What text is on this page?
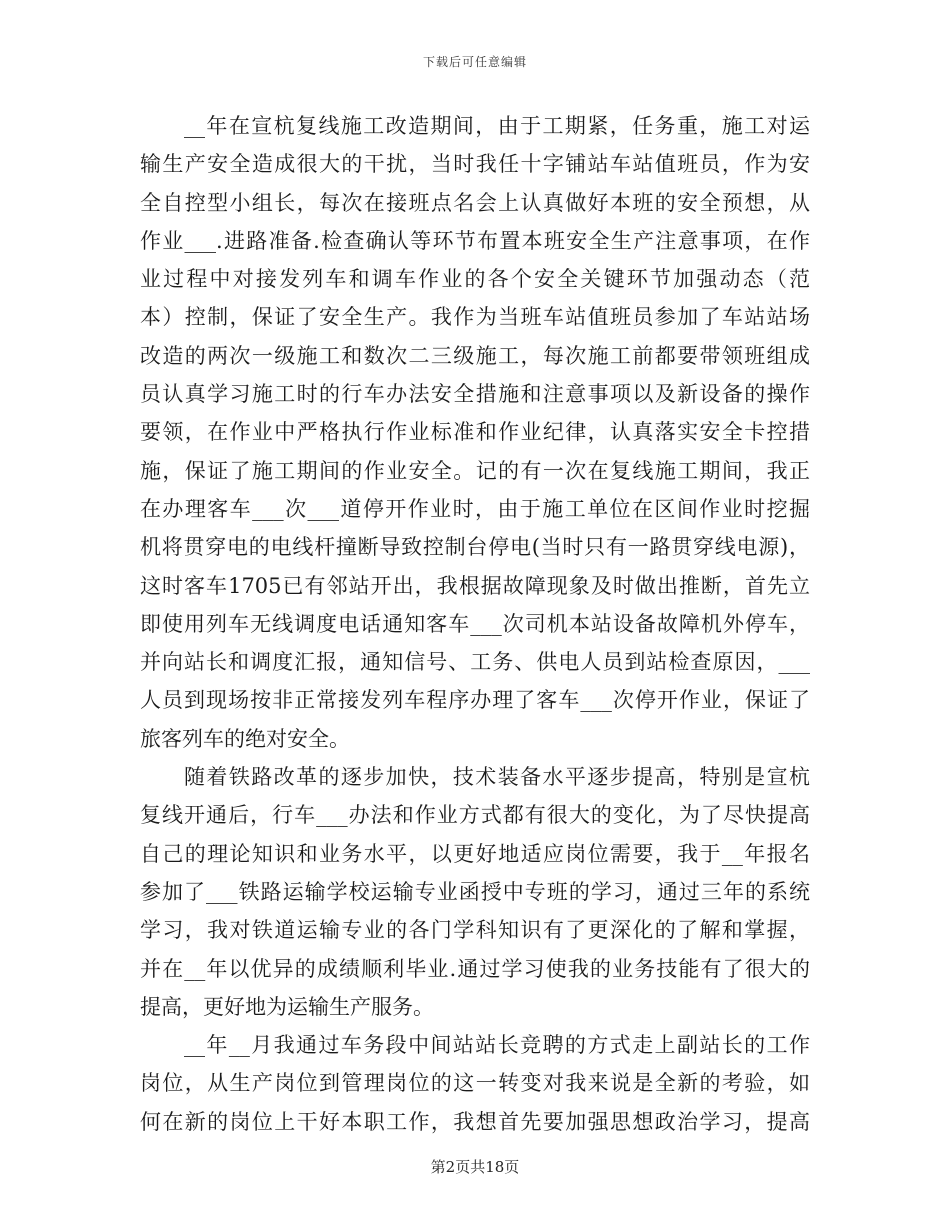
下载后可任意编辑
__年在宣杭复线施工改造期间，由于工期紧，任务重，施工对运
输生产安全造成很大的干扰，当时我任十字铺站车站值班员，作为安
全自控型小组长，每次在接班点名会上认真做好本班的安全预想，从
作业___.进路准备.检查确认等环节布置本班安全生产注意事项，在作
业过程中对接发列车和调车作业的各个安全关键环节加强动态（范
本）控制，保证了安全生产。我作为当班车站值班员参加了车站站场
改造的两次一级施工和数次二三级施工，每次施工前都要带领班组成
员认真学习施工时的行车办法安全措施和注意事项以及新设备的操作
要领，在作业中严格执行作业标准和作业纪律，认真落实安全卡控措
施，保证了施工期间的作业安全。记的有一次在复线施工期间，我正
在办理客车___次___道停开作业时，由于施工单位在区间作业时挖掘
机将贯穿电的电线杆撞断导致控制台停电(当时只有一路贯穿线电源)，
这时客车1705已有邻站开出，我根据故障现象及时做出推断，首先立
即使用列车无线调度电话通知客车___次司机本站设备故障机外停车，
并向站长和调度汇报，通知信号、工务、供电人员到站检查原因，___
人员到现场按非正常接发列车程序办理了客车___次停开作业，保证了
旅客列车的绝对安全。
随着铁路改革的逐步加快，技术装备水平逐步提高，特别是宣杭
复线开通后，行车___办法和作业方式都有很大的变化，为了尽快提高
自己的理论知识和业务水平，以更好地适应岗位需要，我于__年报名
参加了___铁路运输学校运输专业函授中专班的学习，通过三年的系统
学习，我对铁道运输专业的各门学科知识有了更深化的了解和掌握，
并在__年以优异的成绩顺利毕业.通过学习使我的业务技能有了很大的
提高，更好地为运输生产服务。
__年__月我通过车务段中间站站长竞聘的方式走上副站长的工作
岗位，从生产岗位到管理岗位的这一转变对我来说是全新的考验，如
何在新的岗位上干好本职工作，我想首先要加强思想政治学习，提高
第2页共18页
